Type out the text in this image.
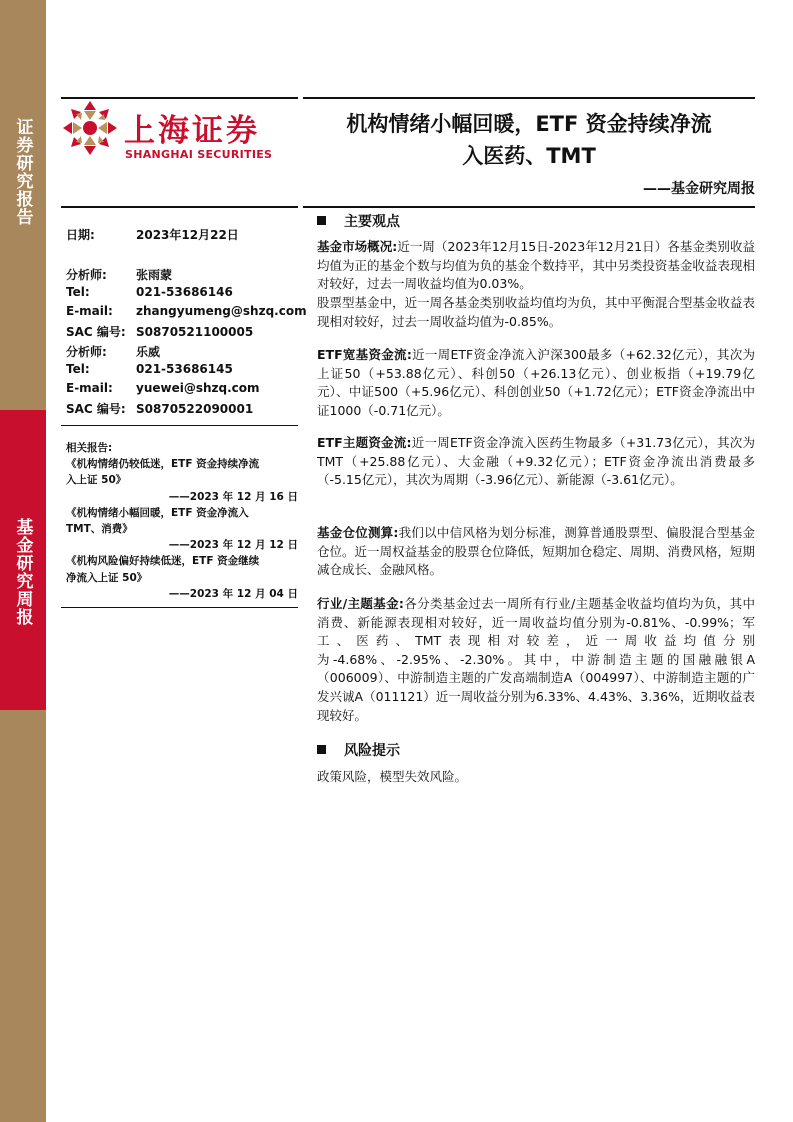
证券研究报告
基金研究周报
上海证券
SHANGHAI SECURITIES
机构情绪小幅回暖，ETF 资金持续净流
入医药、TMT
——基金研究周报
日期:	2023年12月22日
分析师: 张雨蒙
Tel:	021-53686146
E-mail: zhangyumeng@shzq.com
SAC 编号: S0870521100005
分析师: 乐威
Tel:	021-53686145
E-mail: yuewei@shzq.com
SAC 编号: S0870522090001
相关报告:
《机构情绪仍较低迷，ETF 资金持续净流
入上证 50》
——2023 年 12 月 16 日
《机构情绪小幅回暖，ETF 资金净流入
TMT、消费》
——2023 年 12 月 12 日
《机构风险偏好持续低迷，ETF 资金继续
净流入上证 50》
——2023 年 12 月 04 日
主要观点
基金市场概况:近一周（2023年12月15日-2023年12月21日）各基金类别收益均值为正的基金个数与均值为负的基金个数持平，其中另类投资基金收益表现相对较好，过去一周收益均值为0.03%。
股票型基金中，近一周各基金类别收益均值均为负，其中平衡混合型基金收益表现相对较好，过去一周收益均值为-0.85%。
ETF宽基资金流:近一周ETF资金净流入沪深300最多（+62.32亿元），其次为上证50（+53.88亿元）、科创50（+26.13亿元）、创业板指（+19.79亿元）、中证500（+5.96亿元）、科创创业50（+1.72亿元）；ETF资金净流出中证1000（-0.71亿元）。
ETF主题资金流:近一周ETF资金净流入医药生物最多（+31.73亿元），其次为TMT（+25.88亿元）、大金融（+9.32亿元）；ETF资金净流出消费最多（-5.15亿元），其次为周期（-3.96亿元）、新能源（-3.61亿元）。
基金仓位测算:我们以中信风格为划分标准，测算普通股票型、偏股混合型基金仓位。近一周权益基金的股票仓位降低，短期加仓稳定、周期、消费风格，短期减仓成长、金融风格。
行业/主题基金:各分类基金过去一周所有行业/主题基金收益均值均为负，其中消费、新能源表现相对较好，近一周收益均值分别为-0.81%、-0.99%；军工、医药、TMT表现相对较差，近一周收益均值分别为-4.68%、-2.95%、-2.30%。其中，中游制造主题的国融融银A（006009）、中游制造主题的广发高端制造A（004997）、中游制造主题的广发兴诚A（011121）近一周收益分别为6.33%、4.43%、3.36%，近期收益表现较好。
风险提示
政策风险，模型失效风险。
